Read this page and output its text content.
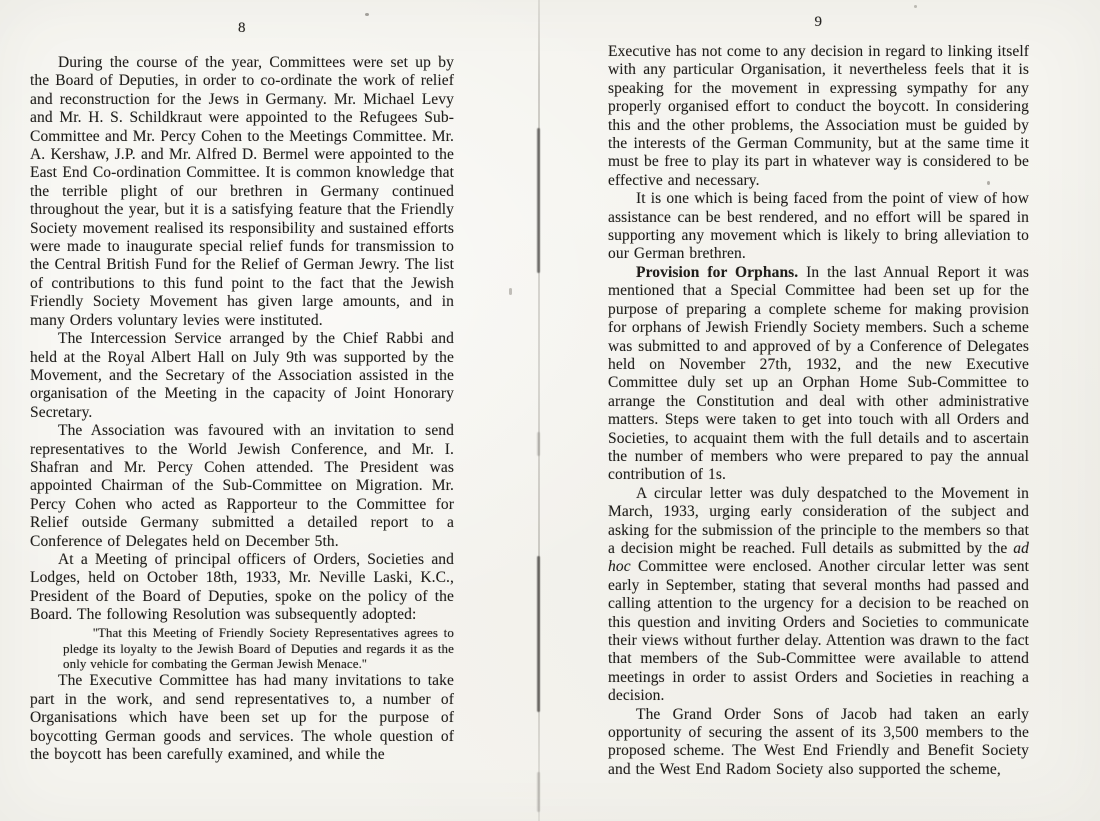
8

During the course of the year, Committees were set up by the Board of Deputies, in order to co-ordinate the work of relief and reconstruction for the Jews in Germany. Mr. Michael Levy and Mr. H. S. Schildkraut were appointed to the Refugees Sub-Committee and Mr. Percy Cohen to the Meetings Committee. Mr. A. Kershaw, J.P. and Mr. Alfred D. Bermel were appointed to the East End Co-ordination Committee. It is common knowledge that the terrible plight of our brethren in Germany continued throughout the year, but it is a satisfying feature that the Friendly Society movement realised its responsibility and sustained efforts were made to inaugurate special relief funds for transmission to the Central British Fund for the Relief of German Jewry. The list of contributions to this fund point to the fact that the Jewish Friendly Society Movement has given large amounts, and in many Orders voluntary levies were instituted.

The Intercession Service arranged by the Chief Rabbi and held at the Royal Albert Hall on July 9th was supported by the Movement, and the Secretary of the Association assisted in the organisation of the Meeting in the capacity of Joint Honorary Secretary.

The Association was favoured with an invitation to send representatives to the World Jewish Conference, and Mr. I. Shafran and Mr. Percy Cohen attended. The President was appointed Chairman of the Sub-Committee on Migration. Mr. Percy Cohen who acted as Rapporteur to the Committee for Relief outside Germany submitted a detailed report to a Conference of Delegates held on December 5th.

At a Meeting of principal officers of Orders, Societies and Lodges, held on October 18th, 1933, Mr. Neville Laski, K.C., President of the Board of Deputies, spoke on the policy of the Board. The following Resolution was subsequently adopted:

''That this Meeting of Friendly Society Representatives agrees to pledge its loyalty to the Jewish Board of Deputies and regards it as the only vehicle for combating the German Jewish Menace.''

The Executive Committee has had many invitations to take part in the work, and send representatives to, a number of Organisations which have been set up for the purpose of boycotting German goods and services. The whole question of the boycott has been carefully examined, and while the

9

Executive has not come to any decision in regard to linking itself with any particular Organisation, it nevertheless feels that it is speaking for the movement in expressing sympathy for any properly organised effort to conduct the boycott. In considering this and the other problems, the Association must be guided by the interests of the German Community, but at the same time it must be free to play its part in whatever way is considered to be effective and necessary.

It is one which is being faced from the point of view of how assistance can be best rendered, and no effort will be spared in supporting any movement which is likely to bring alleviation to our German brethren.

Provision for Orphans. In the last Annual Report it was mentioned that a Special Committee had been set up for the purpose of preparing a complete scheme for making provision for orphans of Jewish Friendly Society members. Such a scheme was submitted to and approved of by a Conference of Delegates held on November 27th, 1932, and the new Executive Committee duly set up an Orphan Home Sub-Committee to arrange the Constitution and deal with other administrative matters. Steps were taken to get into touch with all Orders and Societies, to acquaint them with the full details and to ascertain the number of members who were prepared to pay the annual contribution of 1s.

A circular letter was duly despatched to the Movement in March, 1933, urging early consideration of the subject and asking for the submission of the principle to the members so that a decision might be reached. Full details as submitted by the ad hoc Committee were enclosed. Another circular letter was sent early in September, stating that several months had passed and calling attention to the urgency for a decision to be reached on this question and inviting Orders and Societies to communicate their views without further delay. Attention was drawn to the fact that members of the Sub-Committee were available to attend meetings in order to assist Orders and Societies in reaching a decision.

The Grand Order Sons of Jacob had taken an early opportunity of securing the assent of its 3,500 members to the proposed scheme. The West End Friendly and Benefit Society and the West End Radom Society also supported the scheme,
